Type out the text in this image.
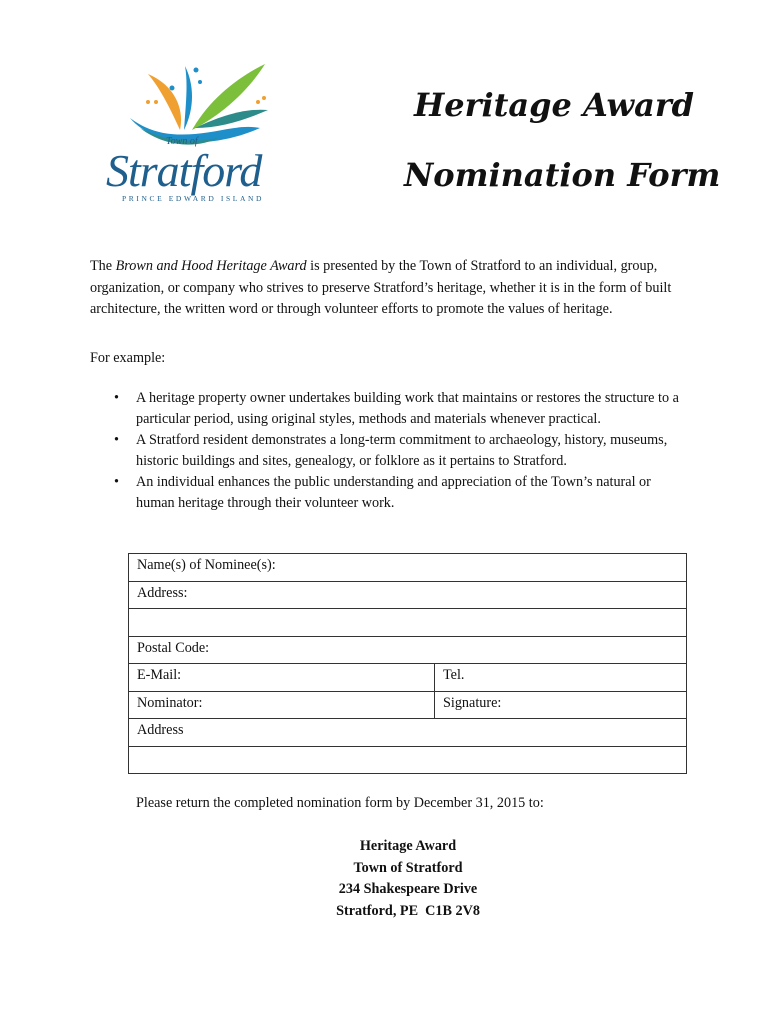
Town of
Stratford
PRINCE EDWARD ISLAND
Heritage Award
Nomination Form

The Brown and Hood Heritage Award is presented by the Town of Stratford to an individual, group, organization, or company who strives to preserve Stratford’s heritage, whether it is in the form of built architecture, the written word or through volunteer efforts to promote the values of heritage.

For example:
• A heritage property owner undertakes building work that maintains or restores the structure to a particular period, using original styles, methods and materials whenever practical.
• A Stratford resident demonstrates a long-term commitment to archaeology, history, museums, historic buildings and sites, genealogy, or folklore as it pertains to Stratford.
• An individual enhances the public understanding and appreciation of the Town’s natural or human heritage through their volunteer work.
Name(s) of Nominee(s):	
Address:	

Postal Code:	
E-Mail:	Tel.
Nominator:	Signature:
Address	

Please return the completed nomination form by December 31, 2015 to:
Heritage Award
Town of Stratford
234 Shakespeare Drive
Stratford, PE  C1B 2V8
